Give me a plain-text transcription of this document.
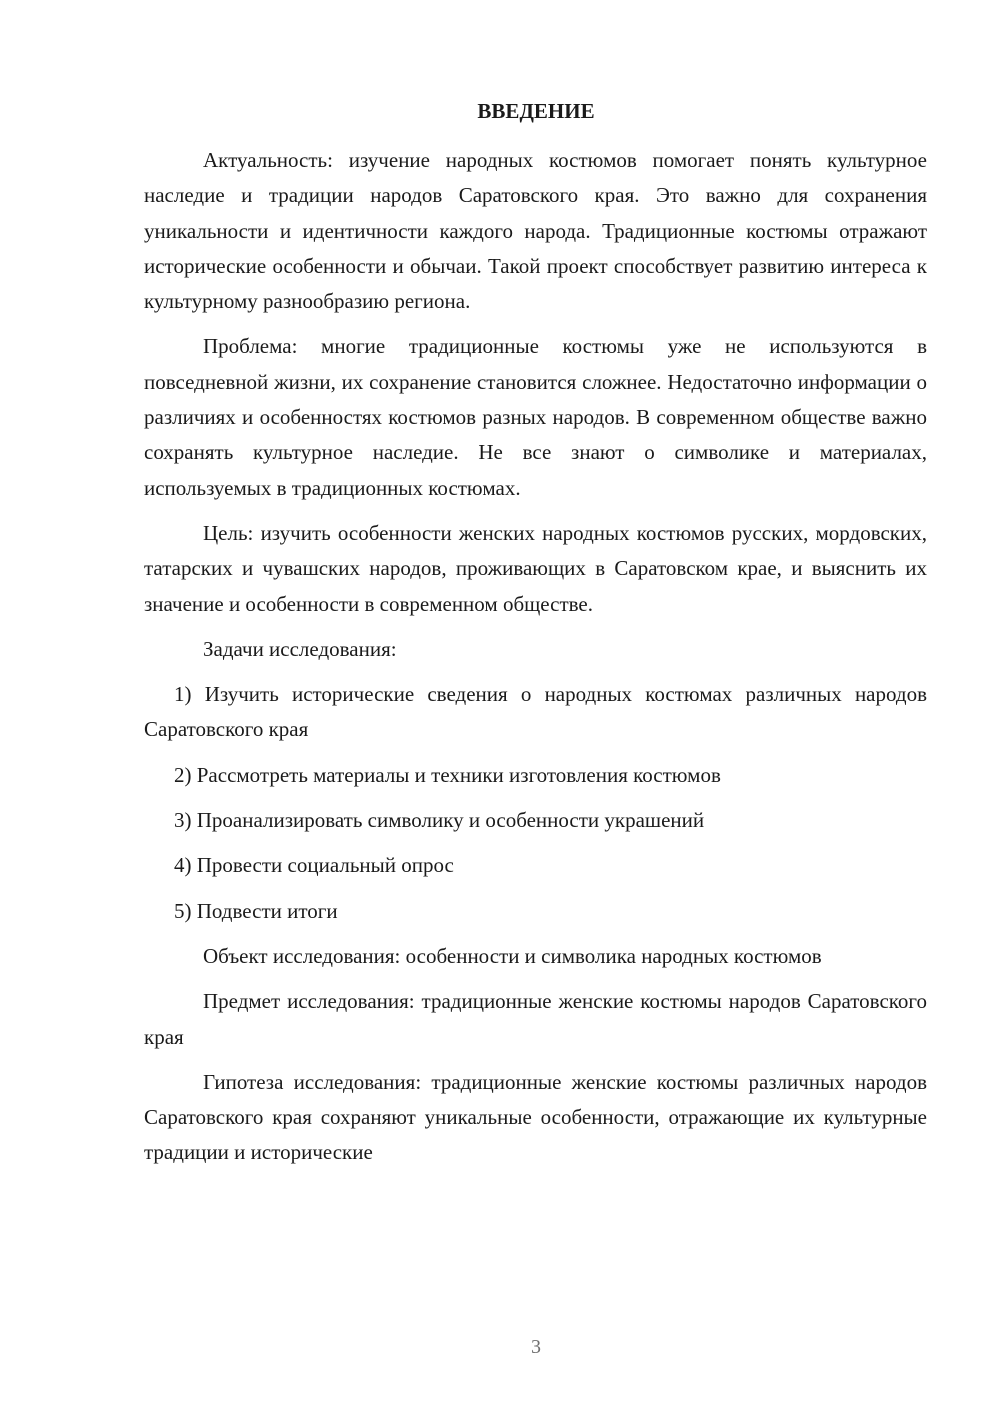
ВВЕДЕНИЕ

Актуальность: изучение народных костюмов помогает понять культурное наследие и традиции народов Саратовского края. Это важно для сохранения уникальности и идентичности каждого народа. Традиционные костюмы отражают исторические особенности и обычаи. Такой проект способствует развитию интереса к культурному разнообразию региона.

Проблема: многие традиционные костюмы уже не используются в повседневной жизни, их сохранение становится сложнее. Недостаточно информации о различиях и особенностях костюмов разных народов. В современном обществе важно сохранять культурное наследие. Не все знают о символике и материалах, используемых в традиционных костюмах.

Цель: изучить особенности женских народных костюмов русских, мордовских, татарских и чувашских народов, проживающих в Саратовском крае, и выяснить их значение и особенности в современном обществе.

Задачи исследования:

1) Изучить исторические сведения о народных костюмах различных народов Саратовского края

2) Рассмотреть материалы и техники изготовления костюмов

3) Проанализировать символику и особенности украшений

4) Провести социальный опрос

5) Подвести итоги

Объект исследования: особенности и символика народных костюмов

Предмет исследования: традиционные женские костюмы народов Саратовского края

Гипотеза исследования: традиционные женские костюмы различных народов Саратовского края сохраняют уникальные особенности, отражающие их культурные традиции и исторические

3
